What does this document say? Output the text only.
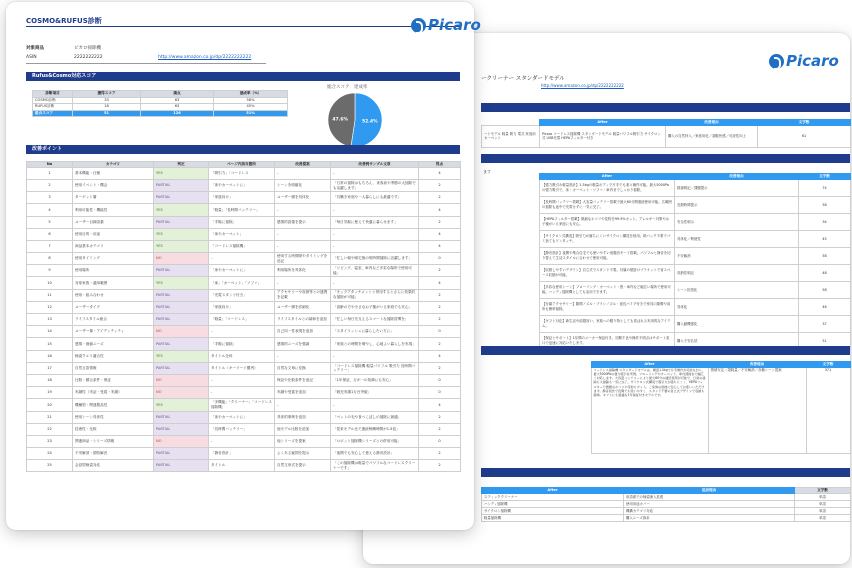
ークリーナー スタンダードモデル
http://www.amazon.co.jp/dp/2222222222
Picaro
	After	改善理由	文字数
ードモデル 軽量 吸力 電式 家庭用 カーペット	Picaro コードレス掃除機 スタンダードモデル 軽量パワフル吸引力 サイクロン式 USB充電 HEPAフィルター付き	購入の自然拝入／家庭用化／超軽快感／可読性向上	61
ます
After	改善理由	文字数
【強力吸引＆軽量設計】1.5kgの軽量ボディで片手でも楽々操作可能。最大5000Paの強力吸引で、床・カーペット・ソファ・車内までしっかり掃除。	数値明記／課題提示	74
【長時間バッテリー搭載】大容量バッテリー搭載で最大60分間連続使用可能。広範囲の掃除も途中で充電せずに一気に完了。	長期時間提示	58
【HEPAフィルター搭載】微細なホコリや花粉を99.9%カット。アレルギー対策やお子様がいる家庭にも安心。	安全性明示	34
【サイクロン式構造】吸引力が落ちにくいサイクロン構造を採用。紙パック不要でゴミ捨てもワンタッチ。	具体化／利便性	45
【静音設計】夜間や集合住宅でも使いやすい低騒音モード搭載。パワフルと静音を切り替えて生活スタイルに合わせて使用可能。	不安解消	58
【収納しやすいデザイン】自立式でスタンド不要。付属の壁掛けブラケットで省スペース収納が可能。	収納性明記	48
【多彩な使用シーン】フローリング・カーペット・畳・車内など幅広い場所で使用可能。ハンディ掃除機としても活用できます。	シーン拡張化	58
【付属アクセサリー】隙間ノズル・ブラシノズル・延長パイプ付きで家具の隙間や高所も簡単掃除。	具体化	46
【ギフト対応】新生活や結婚祝い、家族への贈り物としても喜ばれる実用的なアイテム。	購入動機強化	37
【保証とサポート】1年間のメーカー保証付き。初期不良や操作不明点はサポート窓口で迅速に対応いたします。	購入不安払拭	51
	After	改善理由	文字数
	コードレス掃除機 スタンダードモデルは、軽量1.5kgで片手操作が可能ながら、最大5000Paの強力吸引を実現。フローリングやカーペット、車内清掃まで幅広く対応します。大容量バッテリーにより最大60分の連続使用が可能で、日常の掃除も大掃除も一気に完了。サイクロン式構造で吸引力が落ちにくく、HEPAフィルターで微細なホコリや花粉もカット。ご家族の皆様に安心してお使いいただけます。静音設計で夜間でも使いやすく、スタンド不要の自立式デザインで収納も簡単。ギフトにも最適な1年保証付きモデルです。	情緒安定／超軽量／不安解消／各種シーン提案	371
After	追加理由	文字数
スティッククリーナー	用語面での検索流入拡張	単語
ハンディ掃除機	使用用途カバー	単語
サイクロン掃除機	機構カテゴリ対応	単語
軽量掃除機	購入ニーズ訴求	単語
COSMO&RUFUS診断	Picaro
対象商品	ピカロ掃除機
ASIN	2222222222	http://www.amazon.co.jp/dp/2222222222
Rufus&Cosmo対応スコア
診断項目	獲得スコア	満点	達成率（%）
COSMO診断	33	63	58%
RUFUS診断	18	63	45%
総合スコア	51	126	51%
総合スコア　達成率
52.4%
47.6%
改善ポイント
No	カテゴリ	判定	ページ内該当箇所	改善提案	改善例サンプル文章	得点
1	基本機能・仕様	YES	「吸引力」「コードレス	-	-	4
2	使用イベント・機会	PARTIAL	「床やカーペットに」	シーンを明確化	「日常の掃除はもちろん、来客前や季節の大掃除でも活躍します」	2
3	ターゲット層	PARTIAL	「家族向け」	ユーザー層を具体化	「共働き家庭や一人暮らしにも最適です」	2
4	利用可能性・機能性	YES	「軽量」「長時間バッテリー」	-	-	4
5	ユーザー目線語彙	PARTIAL	「手軽に掃除」	感情的語彙を提示	「毎日気軽に使えて快適に暮らせます」	2
6	使用目的・用途	YES	「床やカーペット」	-	-	4
7	商品基本カテゴリ	YES	「コードレス掃除機」	-	-	4
8	使用タイミング	NO	-	使用する時間帯やタイミングを追記	「忙しい朝や帰宅後の短時間掃除に活躍します」	0
9	使用場所	PARTIAL	「床やカーペットに」	利用場所を具体化	「リビング、寝室、車内など多彩な場所で使用可能」	2
10	対象家族・適用範囲	YES	「床」「カーペット」「ソファ」	-	-	4
11	使用・組み合わせ	PARTIAL	「充電スタンド付き」	アクセサリーや収納等との連携を記載	「モップアタッチメントと併用するとさらに効果的な掃除が可能」	2
12	ユーザータイプ	PARTIAL	「家族向け」	ユーザー層を詳細化	「高齢の方や小さなお子様がいる家庭でも安心」	2
13	ライフスタイル統合	PARTIAL	「軽量」「コードレス」	ライフスタイルとの調和を追加	「忙しい毎日を支えるスマートな掃除習慣を」	2
14	ユーザー像・アイデンティティ	NO	-	自己同一性表現を追加	「スタイリッシュに暮らしたい方に」	0
15	感情・価値ニーズ	PARTIAL	「手軽に掃除」	感情的ニーズを強調	「家族との時間を増やし、心地よい暮らしを実現」	2
16	検索クエリ適合性	YES	タイトル全体	-	-	4
17	自然言語情報	PARTIAL	タイトル（キーワード羅列）	自然な文章に変換	「コードレス掃除機 軽量パワフル 吸引力 長時間バッテリー」	2
18	比較・競合条件・保証	NO	-	保証や比較条件を追記	「1年保証、万が一の故障にも安心」	0
19	実績性（実証・受賞・実績）	NO	-	実績や受賞を追加	「販売実績1万台突破」	0
20	機種型・関連製品性	YES	「多機能」「クリーナー」「コードレス掃除機」	-	-	4
21	使用シーン具体性	PARTIAL	「床やカーペットに」	具体的事例を追加	「ペットの毛や食べこぼしの掃除に最適」	2
22	技術性・比較	PARTIAL	「長時間バッテリー」	他モデル比較を追加	「従来モデル比で連続稼働時間が1.5倍」	2
23	関連商品・シリーズ情報	NO	-	他シリーズを提案	「ロボット掃除機シリーズとの併用可能」	0
24	不安解消・期待解決	PARTIAL	「静音設計」	よくある疑問を提示	「夜間でも安心して使える静音設計」	2
25	会話型検索対応	PARTIAL	タイトル	自然文形式を提示	「この掃除機は軽量でパワフルなコードレスクリーナーです」	2
